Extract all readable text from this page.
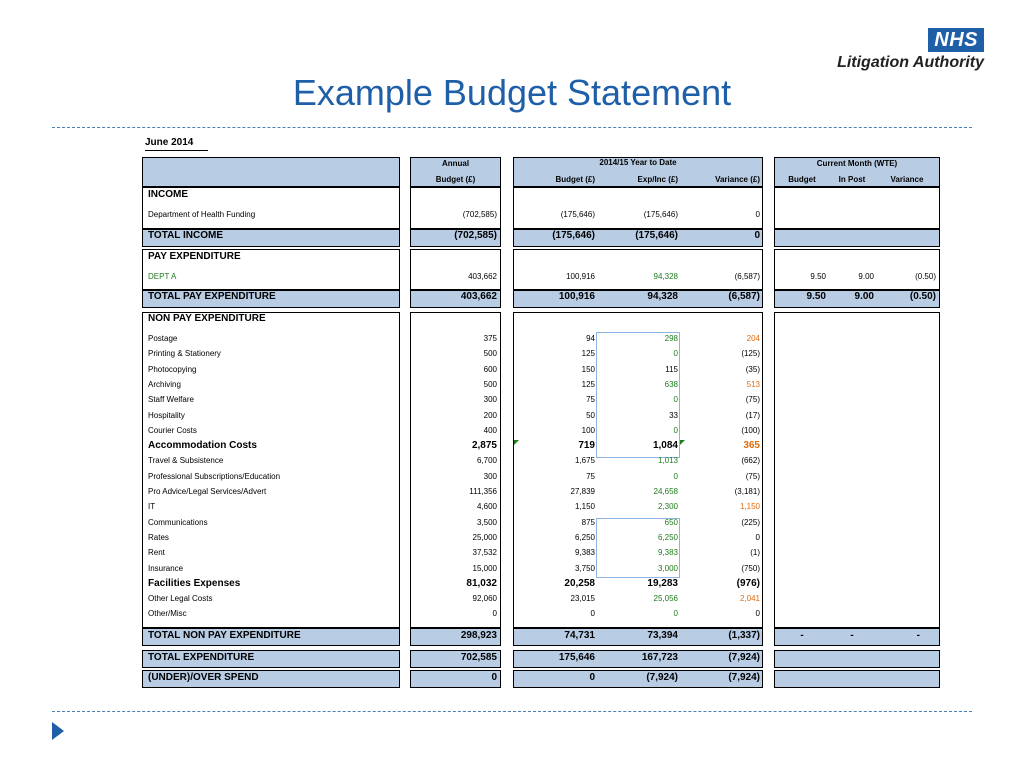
NHS
Litigation Authority
Example Budget Statement
June 2014
Annual
Budget (£)
2014/15 Year to Date
Budget (£)	Exp/Inc (£)	Variance (£)
Current Month (WTE)
Budget	In Post	Variance
INCOME
Department of Health Funding	(702,585)	(175,646)	(175,646)	0
TOTAL INCOME	(702,585)	(175,646)	(175,646)	0
PAY EXPENDITURE
DEPT A	403,662	100,916	94,328	(6,587)	9.50	9.00	(0.50)
TOTAL PAY EXPENDITURE	403,662	100,916	94,328	(6,587)	9.50	9.00	(0.50)
NON PAY EXPENDITURE
Postage	375	94	298	204
Printing & Stationery	500	125	0	(125)
Photocopying	600	150	115	(35)
Archiving	500	125	638	513
Staff Welfare	300	75	0	(75)
Hospitality	200	50	33	(17)
Courier Costs	400	100	0	(100)
Accommodation Costs	2,875	719	1,084	365
Travel & Subsistence	6,700	1,675	1,013	(662)
Professional Subscriptions/Education	300	75	0	(75)
Pro Advice/Legal Services/Advert	111,356	27,839	24,658	(3,181)
IT	4,600	1,150	2,300	1,150
Communications	3,500	875	650	(225)
Rates	25,000	6,250	6,250	0
Rent	37,532	9,383	9,383	(1)
Insurance	15,000	3,750	3,000	(750)
Facilities Expenses	81,032	20,258	19,283	(976)
Other Legal Costs	92,060	23,015	25,056	2,041
Other/Misc	0	0	0	0
TOTAL NON PAY EXPENDITURE	298,923	74,731	73,394	(1,337)	-	-	-
TOTAL EXPENDITURE	702,585	175,646	167,723	(7,924)
(UNDER)/OVER SPEND	0	0	(7,924)	(7,924)
